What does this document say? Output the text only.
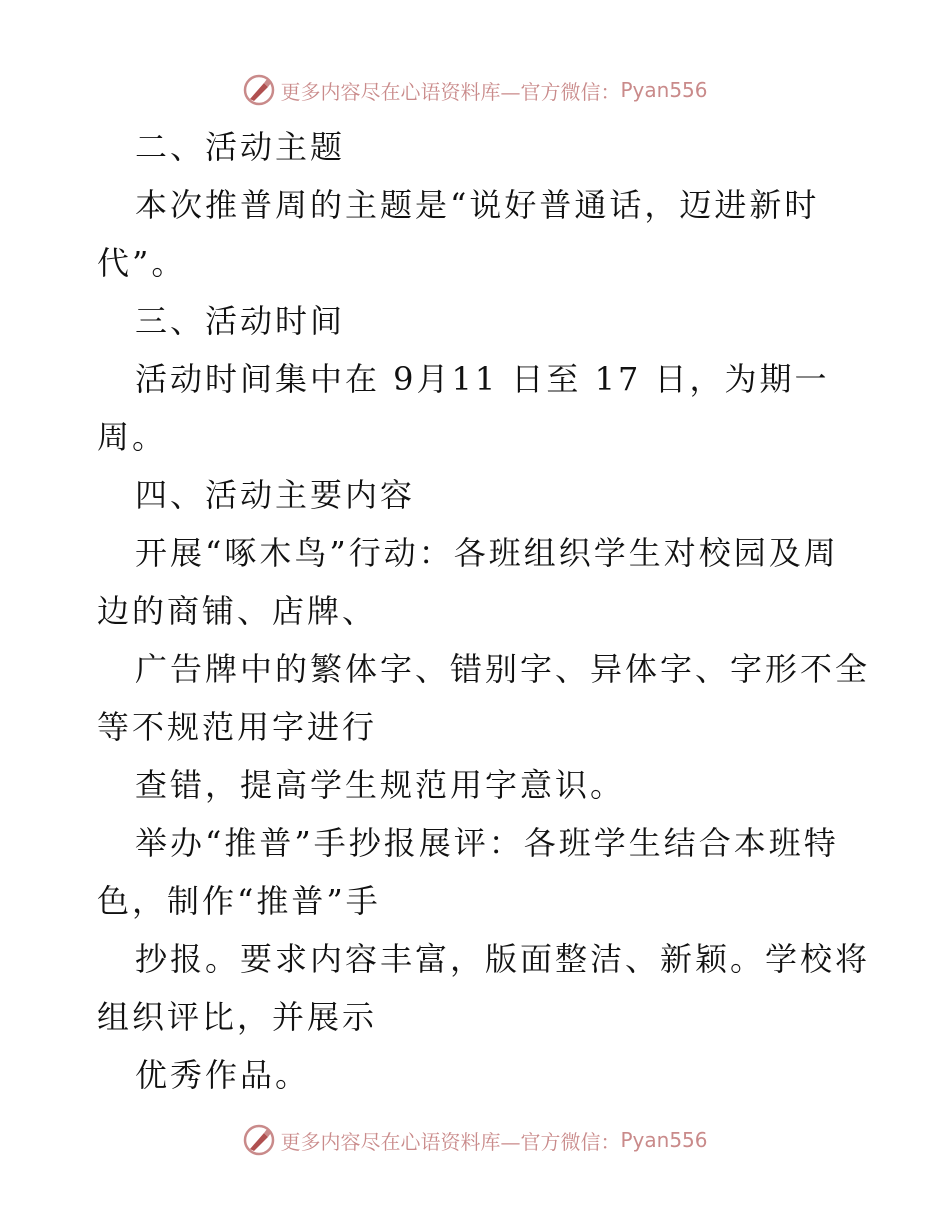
更多内容尽在心语资料库—官方微信： Pyan556
二、活动主题
本次推普周的主题是“说好普通话，迈进新时
代”。
三、活动时间
活动时间集中在 9月11 日至 17 日，为期一
周。
四、活动主要内容
开展“啄木鸟”行动：各班组织学生对校园及周
边的商铺、店牌、
广告牌中的繁体字、错别字、异体字、字形不全
等不规范用字进行
查错，提高学生规范用字意识。
举办“推普”手抄报展评：各班学生结合本班特
色，制作“推普”手
抄报。要求内容丰富，版面整洁、新颖。学校将
组织评比，并展示
优秀作品。
更多内容尽在心语资料库—官方微信： Pyan556
